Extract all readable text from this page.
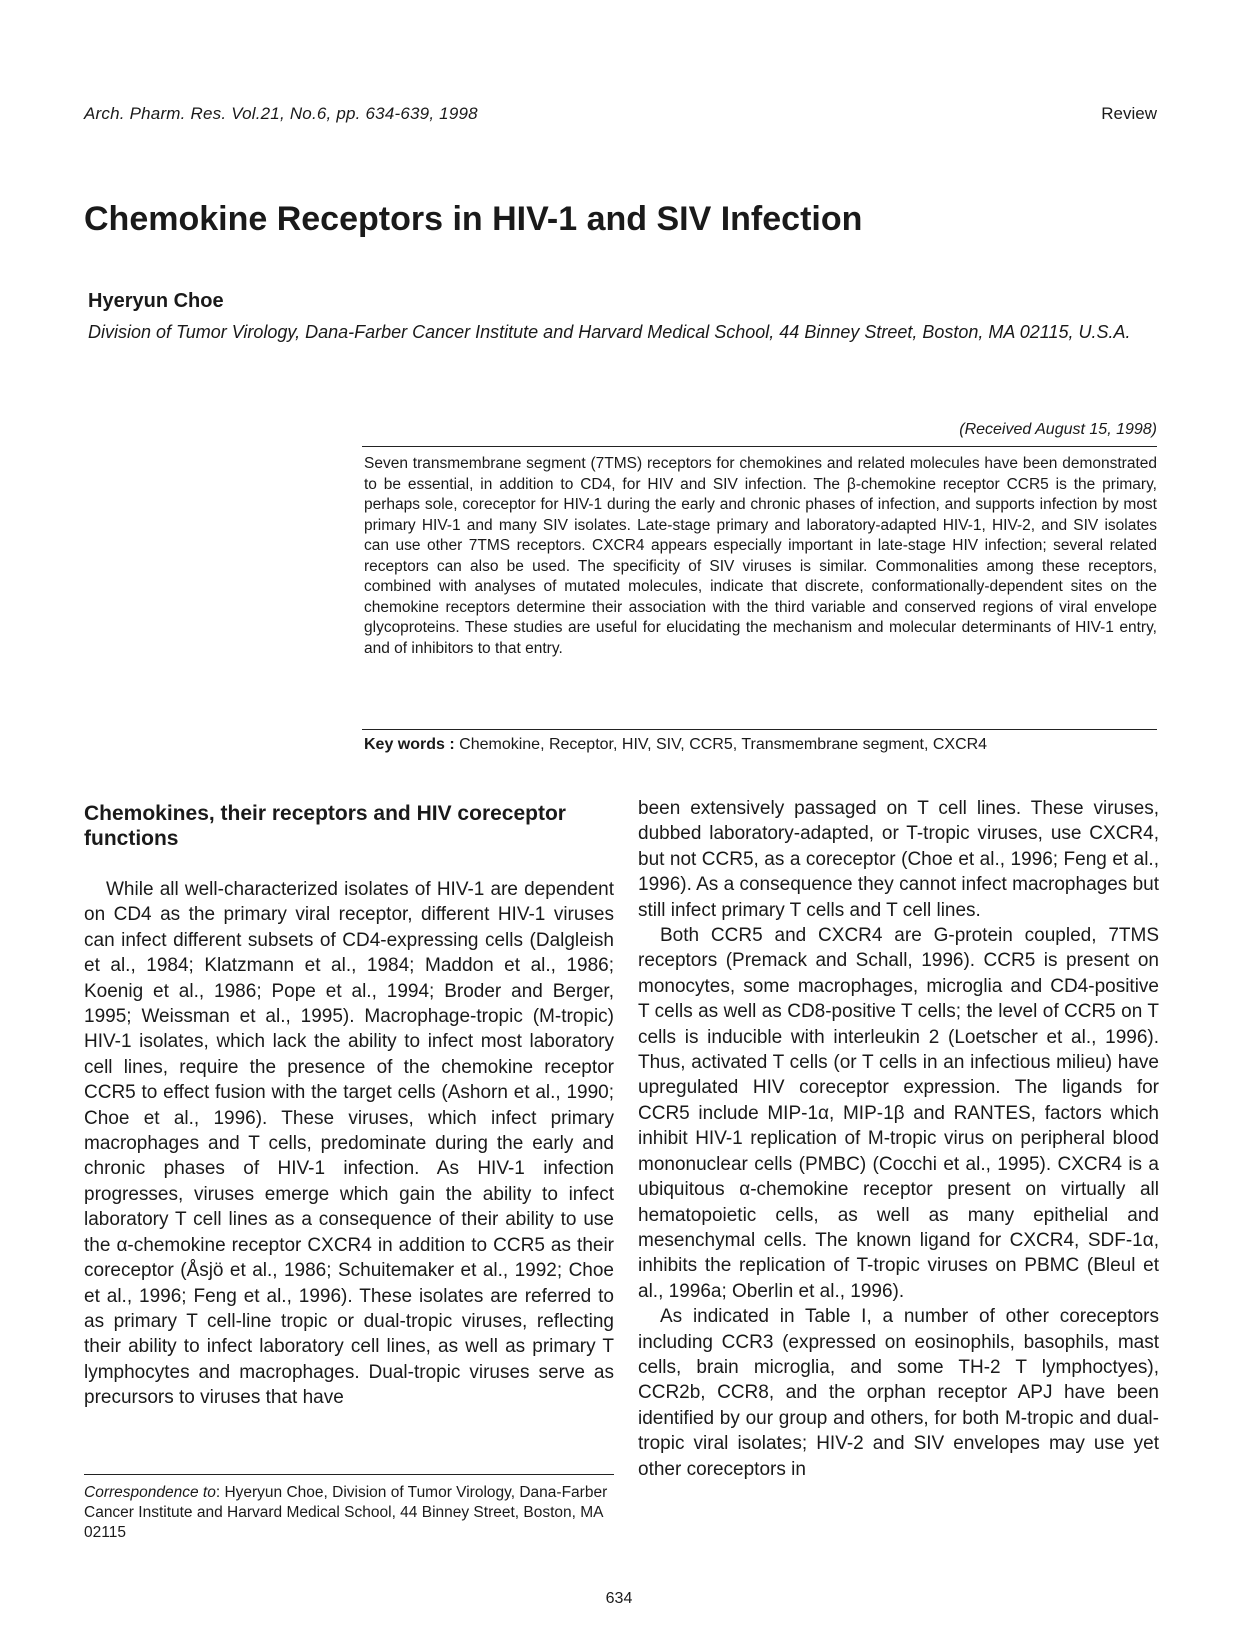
Arch. Pharm. Res. Vol.21, No.6, pp. 634-639, 1998	Review
Chemokine Receptors in HIV-1 and SIV Infection
Hyeryun Choe
Division of Tumor Virology, Dana-Farber Cancer Institute and Harvard Medical School, 44 Binney Street, Boston, MA 02115, U.S.A.
(Received August 15, 1998)
Seven transmembrane segment (7TMS) receptors for chemokines and related molecules have been demonstrated to be essential, in addition to CD4, for HIV and SIV infection. The β-chemokine receptor CCR5 is the primary, perhaps sole, coreceptor for HIV-1 during the early and chronic phases of infection, and supports infection by most primary HIV-1 and many SIV isolates. Late-stage primary and laboratory-adapted HIV-1, HIV-2, and SIV isolates can use other 7TMS receptors. CXCR4 appears especially important in late-stage HIV infection; several related receptors can also be used. The specificity of SIV viruses is similar. Commonalities among these receptors, combined with analyses of mutated molecules, indicate that discrete, conformationally-dependent sites on the chemokine receptors determine their association with the third variable and conserved regions of viral envelope glycoproteins. These studies are useful for elucidating the mechanism and molecular determinants of HIV-1 entry, and of inhibitors to that entry.
Key words : Chemokine, Receptor, HIV, SIV, CCR5, Transmembrane segment, CXCR4
Chemokines, their receptors and HIV coreceptor functions

While all well-characterized isolates of HIV-1 are dependent on CD4 as the primary viral receptor, different HIV-1 viruses can infect different subsets of CD4-expressing cells (Dalgleish et al., 1984; Klatzmann et al., 1984; Maddon et al., 1986; Koenig et al., 1986; Pope et al., 1994; Broder and Berger, 1995; Weissman et al., 1995). Macrophage-tropic (M-tropic) HIV-1 isolates, which lack the ability to infect most laboratory cell lines, require the presence of the chemokine receptor CCR5 to effect fusion with the target cells (Ashorn et al., 1990; Choe et al., 1996). These viruses, which infect primary macrophages and T cells, predominate during the early and chronic phases of HIV-1 infection. As HIV-1 infection progresses, viruses emerge which gain the ability to infect laboratory T cell lines as a consequence of their ability to use the α-chemokine receptor CXCR4 in addition to CCR5 as their coreceptor (Åsjö et al., 1986; Schuitemaker et al., 1992; Choe et al., 1996; Feng et al., 1996). These isolates are referred to as primary T cell-line tropic or dual-tropic viruses, reflecting their ability to infect laboratory cell lines, as well as primary T lymphocytes and macrophages. Dual-tropic viruses serve as precursors to viruses that have

been extensively passaged on T cell lines. These viruses, dubbed laboratory-adapted, or T-tropic viruses, use CXCR4, but not CCR5, as a coreceptor (Choe et al., 1996; Feng et al., 1996). As a consequence they cannot infect macrophages but still infect primary T cells and T cell lines.

Both CCR5 and CXCR4 are G-protein coupled, 7TMS receptors (Premack and Schall, 1996). CCR5 is present on monocytes, some macrophages, microglia and CD4-positive T cells as well as CD8-positive T cells; the level of CCR5 on T cells is inducible with interleukin 2 (Loetscher et al., 1996). Thus, activated T cells (or T cells in an infectious milieu) have upregulated HIV coreceptor expression. The ligands for CCR5 include MIP-1α, MIP-1β and RANTES, factors which inhibit HIV-1 replication of M-tropic virus on peripheral blood mononuclear cells (PMBC) (Cocchi et al., 1995). CXCR4 is a ubiquitous α-chemokine receptor present on virtually all hematopoietic cells, as well as many epithelial and mesenchymal cells. The known ligand for CXCR4, SDF-1α, inhibits the replication of T-tropic viruses on PBMC (Bleul et al., 1996a; Oberlin et al., 1996).

As indicated in Table I, a number of other coreceptors including CCR3 (expressed on eosinophils, basophils, mast cells, brain microglia, and some TH-2 T lymphoctyes), CCR2b, CCR8, and the orphan receptor APJ have been identified by our group and others, for both M-tropic and dual-tropic viral isolates; HIV-2 and SIV envelopes may use yet other coreceptors in

Correspondence to: Hyeryun Choe, Division of Tumor Virology, Dana-Farber Cancer Institute and Harvard Medical School, 44 Binney Street, Boston, MA 02115
634
